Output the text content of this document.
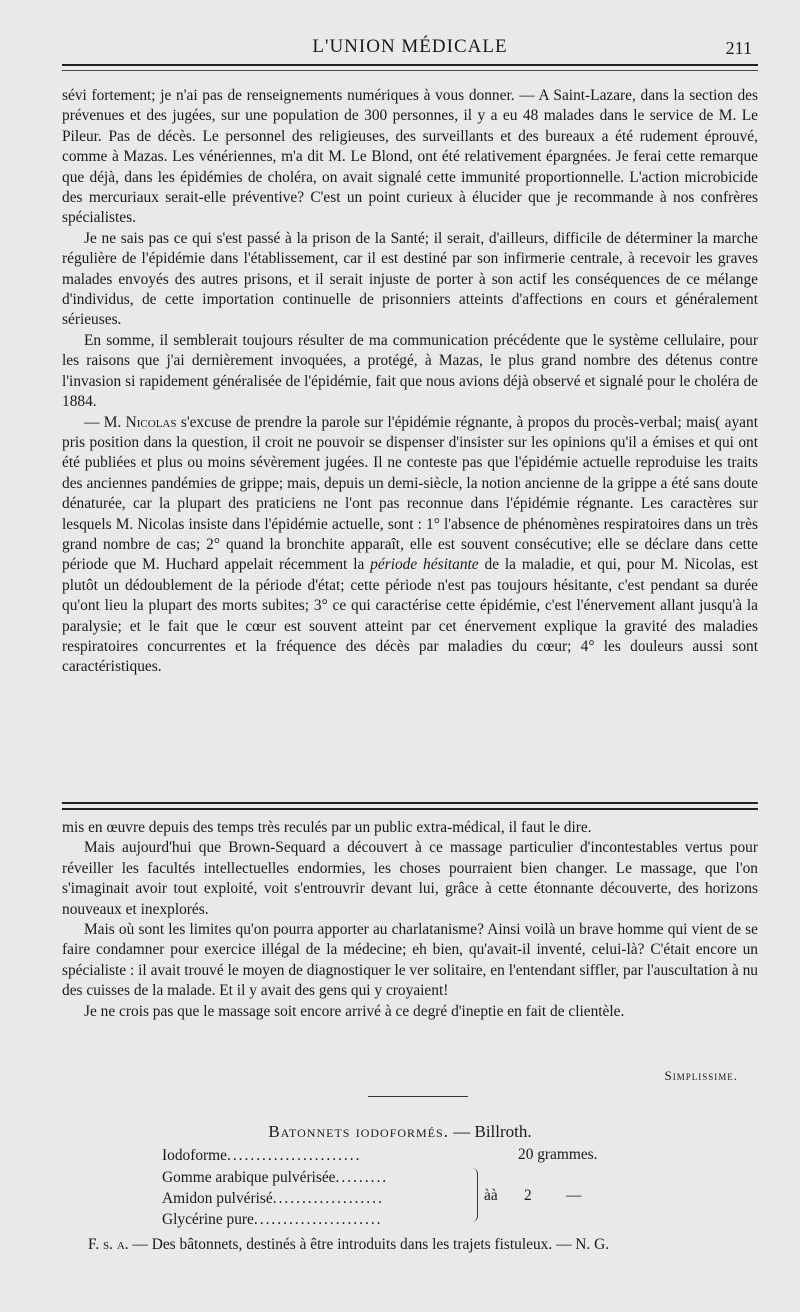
L'UNION MÉDICALE	211

sévi fortement; je n'ai pas de renseignements numériques à vous donner. — A Saint-Lazare, dans la section des prévenues et des jugées, sur une population de 300 personnes, il y a eu 48 malades dans le service de M. Le Pileur. Pas de décès. Le personnel des religieuses, des surveillants et des bureaux a été rudement éprouvé, comme à Mazas. Les vénériennes, m'a dit M. Le Blond, ont été relativement épargnées. Je ferai cette remarque que déjà, dans les épidémies de choléra, on avait signalé cette immunité proportionnelle. L'action microbicide des mercuriaux serait-elle préventive? C'est un point curieux à élucider que je recommande à nos confrères spécialistes.

Je ne sais pas ce qui s'est passé à la prison de la Santé; il serait, d'ailleurs, difficile de déterminer la marche régulière de l'épidémie dans l'établissement, car il est destiné par son infirmerie centrale, à recevoir les graves malades envoyés des autres prisons, et il serait injuste de porter à son actif les conséquences de ce mélange d'individus, de cette importation continuelle de prisonniers atteints d'affections en cours et généralement sérieuses.

En somme, il semblerait toujours résulter de ma communication précédente que le système cellulaire, pour les raisons que j'ai dernièrement invoquées, a protégé, à Mazas, le plus grand nombre des détenus contre l'invasion si rapidement généralisée de l'épidémie, fait que nous avions déjà observé et signalé pour le choléra de 1884.

— M. Nicolas s'excuse de prendre la parole sur l'épidémie régnante, à propos du procès-verbal; mais( ayant pris position dans la question, il croit ne pouvoir se dispenser d'insister sur les opinions qu'il a émises et qui ont été publiées et plus ou moins sévèrement jugées. Il ne conteste pas que l'épidémie actuelle reproduise les traits des anciennes pandémies de grippe; mais, depuis un demi-siècle, la notion ancienne de la grippe a été sans doute dénaturée, car la plupart des praticiens ne l'ont pas reconnue dans l'épidémie régnante. Les caractères sur lesquels M. Nicolas insiste dans l'épidémie actuelle, sont : 1° l'absence de phénomènes respiratoires dans un très grand nombre de cas; 2° quand la bronchite apparaît, elle est souvent consécutive; elle se déclare dans cette période que M. Huchard appelait récemment la période hésitante de la maladie, et qui, pour M. Nicolas, est plutôt un dédoublement de la période d'état; cette période n'est pas toujours hésitante, c'est pendant sa durée qu'ont lieu la plupart des morts subites; 3° ce qui caractérise cette épidémie, c'est l'énervement allant jusqu'à la paralysie; et le fait que le cœur est souvent atteint par cet énervement explique la gravité des maladies respiratoires concurrentes et la fréquence des décès par maladies du cœur; 4° les douleurs aussi sont caractéristiques.

mis en œuvre depuis des temps très reculés par un public extra-médical, il faut le dire.

Mais aujourd'hui que Brown-Sequard a découvert à ce massage particulier d'incontestables vertus pour réveiller les facultés intellectuelles endormies, les choses pourraient bien changer. Le massage, que l'on s'imaginait avoir tout exploité, voit s'entrouvrir devant lui, grâce à cette étonnante découverte, des horizons nouveaux et inexplorés.

Mais où sont les limites qu'on pourra apporter au charlatanisme? Ainsi voilà un brave homme qui vient de se faire condamner pour exercice illégal de la médecine; eh bien, qu'avait-il inventé, celui-là? C'était encore un spécialiste : il avait trouvé le moyen de diagnostiquer le ver solitaire, en l'entendant siffler, par l'auscultation à nu des cuisses de la malade. Et il y avait des gens qui y croyaient!

Je ne crois pas que le massage soit encore arrivé à ce degré d'ineptie en fait de clientèle.

Simplissime.
Batonnets iodoformés. — Billroth.
Iodoforme.......................
Gomme arabique pulvérisée.........
Amidon pulvérisé...................
Glycérine pure......................
20 grammes.
àà 2 —
F. s. a. — Des bâtonnets, destinés à être introduits dans les trajets fistuleux. — N. G.
